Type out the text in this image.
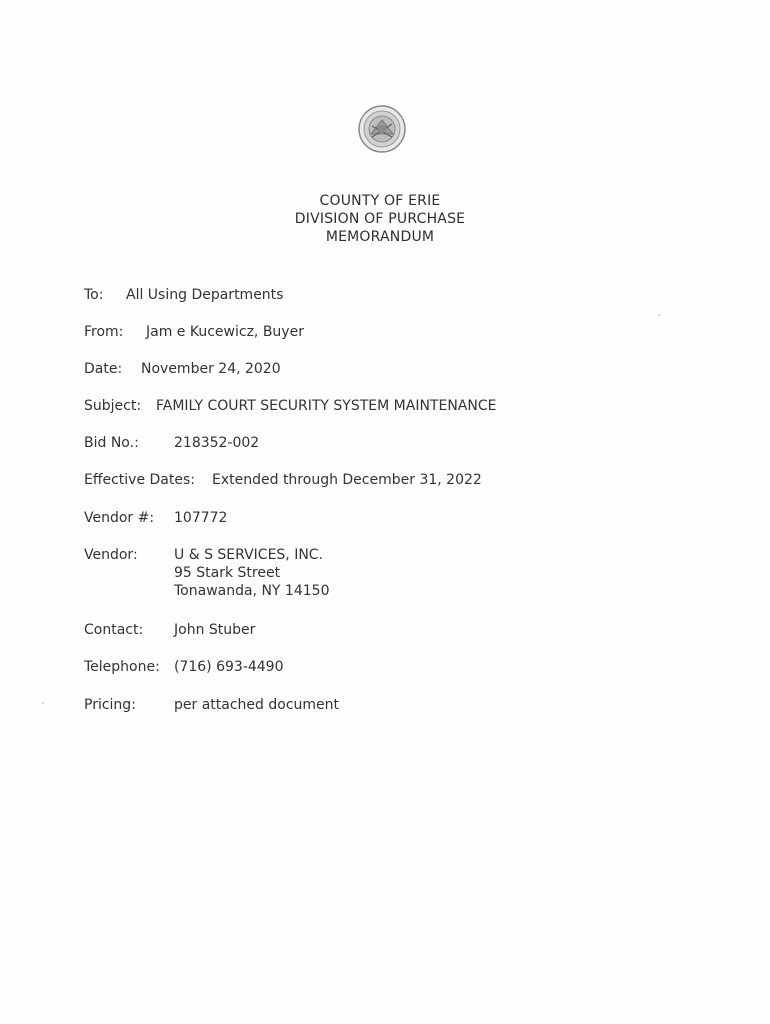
COUNTY OF ERIE
DIVISION OF PURCHASE
MEMORANDUM
To: All Using Departments
From: Jam e Kucewicz, Buyer
Date: November 24, 2020
Subject: FAMILY COURT SECURITY SYSTEM MAINTENANCE
Bid No.:	218352-002
Effective Dates: Extended through December 31, 2022
Vendor #: 107772
Vendor:	U & S SERVICES, INC.
95 Stark Street
Tonawanda, NY 14150
Contact: John Stuber
Telephone: (716) 693-4490
Pricing:	per attached document
